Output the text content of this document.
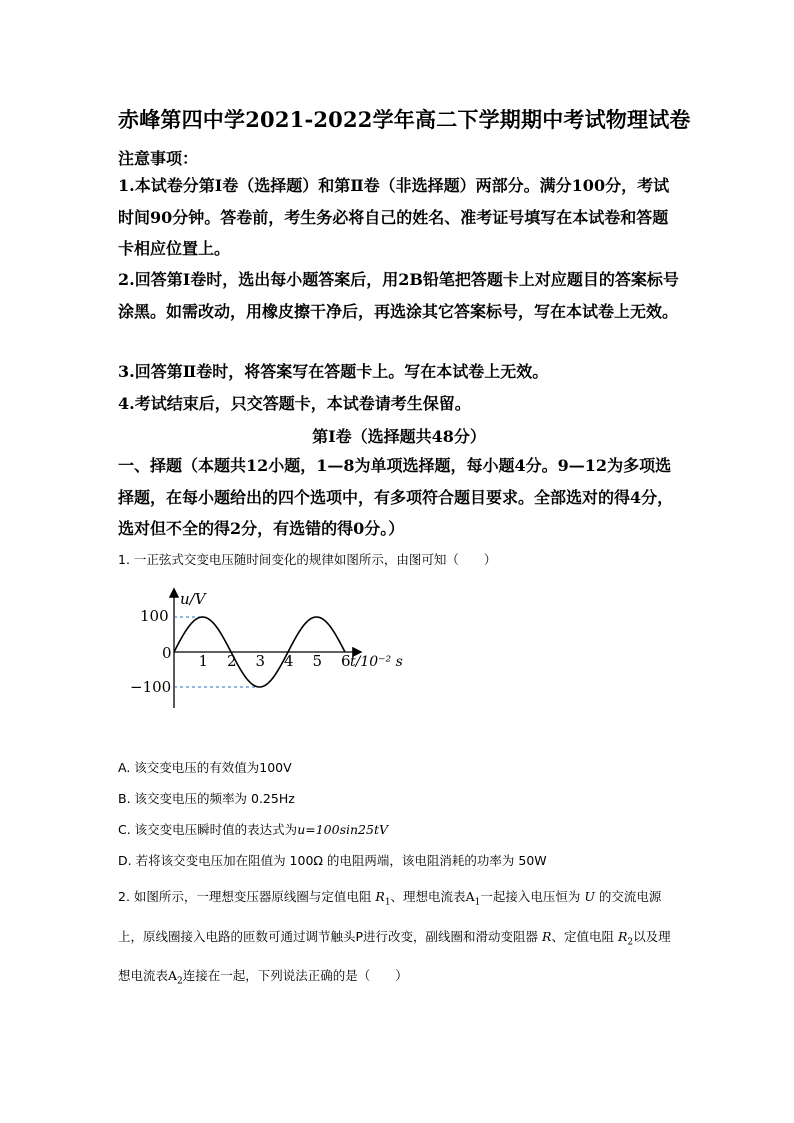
赤峰第四中学2021-2022学年高二下学期期中考试物理试卷
注意事项：
1.本试卷分第Ⅰ卷（选择题）和第Ⅱ卷（非选择题）两部分。满分100分，考试时间90分钟。答卷前，考生务必将自己的姓名、准考证号填写在本试卷和答题卡相应位置上。
2.回答第Ⅰ卷时，选出每小题答案后，用2B铅笔把答题卡上对应题目的答案标号涂黑。如需改动，用橡皮擦干净后，再选涂其它答案标号，写在本试卷上无效。
3.回答第Ⅱ卷时，将答案写在答题卡上。写在本试卷上无效。
4.考试结束后，只交答题卡，本试卷请考生保留。
第Ⅰ卷（选择题共48分）
一、择题（本题共12小题，1—8为单项选择题，每小题4分。9—12为多项选择题，在每小题给出的四个选项中，有多项符合题目要求。全部选对的得4分，选对但不全的得2分，有选错的得0分。）
1. 一正弦式交变电压随时间变化的规律如图所示，由图可知（　　）
1 2 3 4 5 6
100
0
−100
u/V
t/10⁻² s
A. 该交变电压的有效值为100V
B. 该交变电压的频率为 0.25Hz
C. 该交变电压瞬时值的表达式为u=100sin25tV
D. 若将该交变电压加在阻值为 100Ω 的电阻两端，该电阻消耗的功率为 50W
2. 如图所示，一理想变压器原线圈与定值电阻 $R_1$、理想电流表$A_1$一起接入电压恒为 U 的交流电源上，原线圈接入电路的匝数可通过调节触头P进行改变，副线圈和滑动变阻器 R、定值电阻 $R_2$以及理想电流表$A_2$连接在一起，下列说法正确的是（　　）
